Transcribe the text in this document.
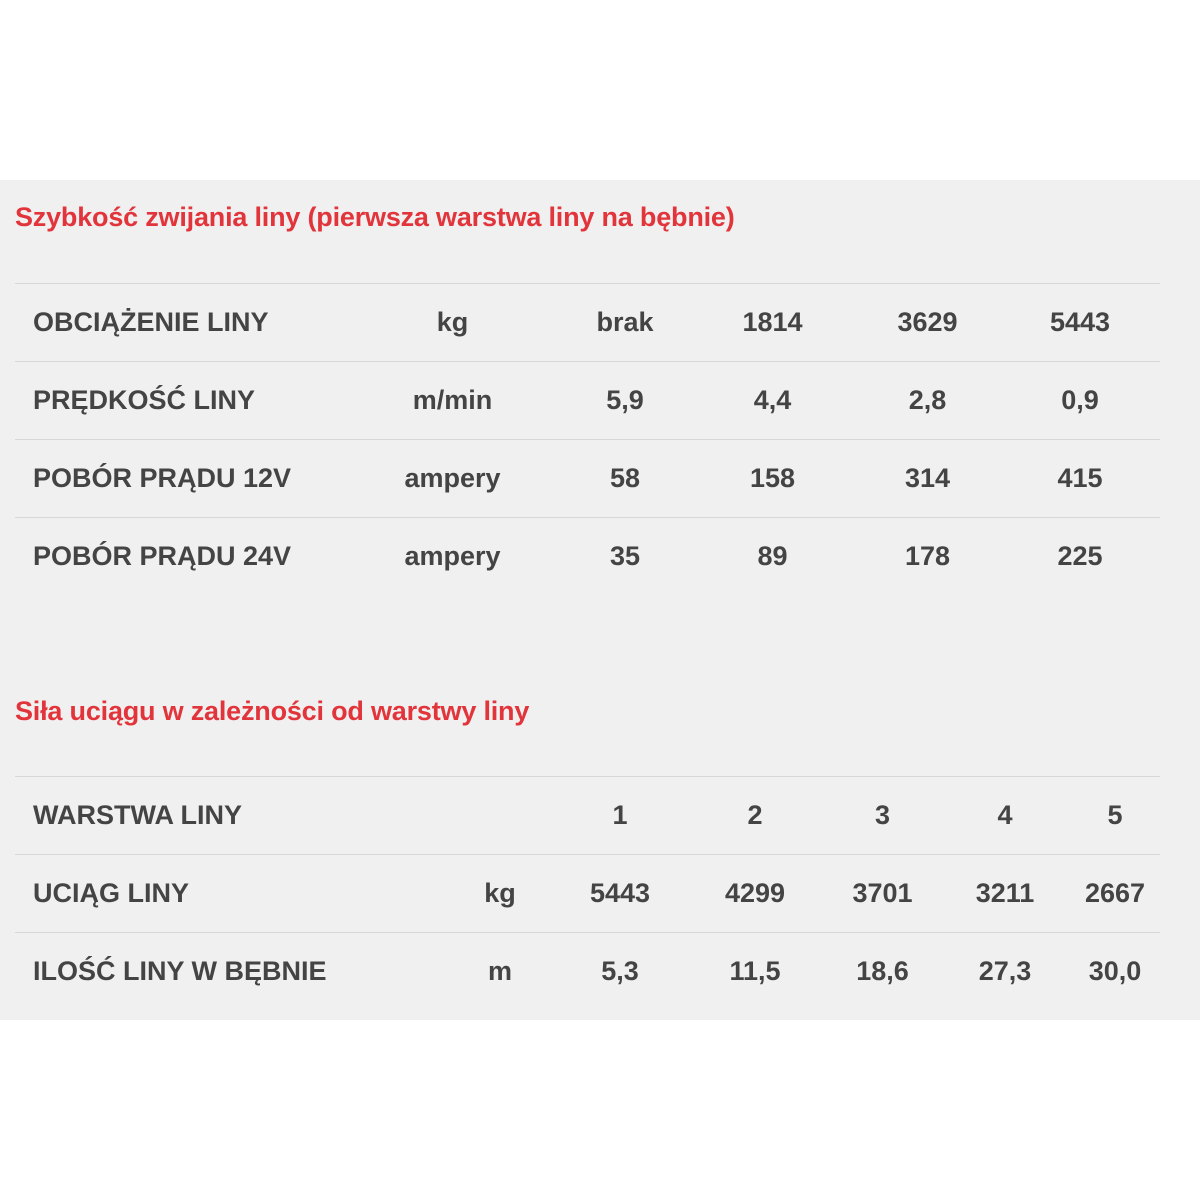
Szybkość zwijania liny (pierwsza warstwa liny na bębnie)
OBCIĄŻENIE LINY	kg	brak	1814	3629	5443
PRĘDKOŚĆ LINY	m/min	5,9	4,4	2,8	0,9
POBÓR PRĄDU 12V	ampery	58	158	314	415
POBÓR PRĄDU 24V	ampery	35	89	178	225
Siła uciągu w zależności od warstwy liny
WARSTWA LINY		1	2	3	4	5
UCIĄG LINY	kg	5443	4299	3701	3211	2667
ILOŚĆ LINY W BĘBNIE	m	5,3	11,5	18,6	27,3	30,0
